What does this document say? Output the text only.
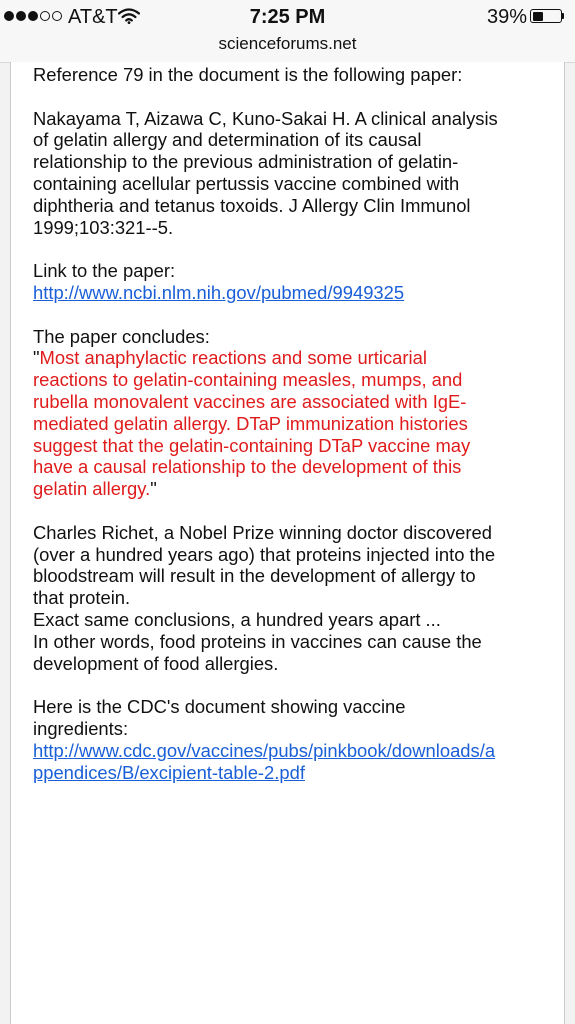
AT&T	7:25 PM	39%
scienceforums.net

Reference 79 in the document is the following paper:

Nakayama T, Aizawa C, Kuno-Sakai H. A clinical analysis

of gelatin allergy and determination of its causal

relationship to the previous administration of gelatin-

containing acellular pertussis vaccine combined with

diphtheria and tetanus toxoids. J Allergy Clin Immunol

1999;103:321--5.

Link to the paper:

http://www.ncbi.nlm.nih.gov/pubmed/9949325

The paper concludes:

"Most anaphylactic reactions and some urticarial

reactions to gelatin-containing measles, mumps, and

rubella monovalent vaccines are associated with IgE-

mediated gelatin allergy. DTaP immunization histories

suggest that the gelatin-containing DTaP vaccine may

have a causal relationship to the development of this

gelatin allergy."

Charles Richet, a Nobel Prize winning doctor discovered

(over a hundred years ago) that proteins injected into the

bloodstream will result in the development of allergy to

that protein.

Exact same conclusions, a hundred years apart ...

In other words, food proteins in vaccines can cause the

development of food allergies.

Here is the CDC's document showing vaccine

ingredients:

http://www.cdc.gov/vaccines/pubs/pinkbook/downloads/a

ppendices/B/excipient-table-2.pdf
